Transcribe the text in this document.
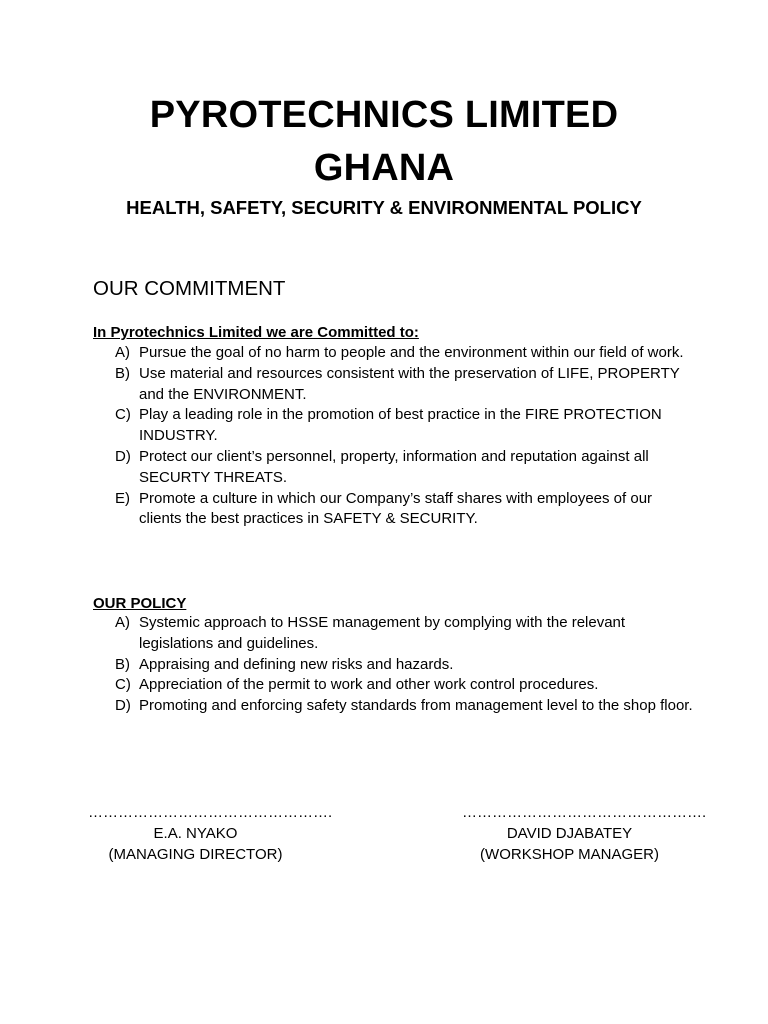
PYROTECHNICS LIMITED
GHANA
HEALTH, SAFETY, SECURITY & ENVIRONMENTAL POLICY
OUR COMMITMENT
In Pyrotechnics Limited we are Committed to:
A) Pursue the goal of no harm to people and the environment within our field of work.
B) Use material and resources consistent with the preservation of LIFE, PROPERTY and the ENVIRONMENT.
C) Play a leading role in the promotion of best practice in the FIRE PROTECTION INDUSTRY.
D) Protect our client’s personnel, property, information and reputation against all SECURTY THREATS.
E) Promote a culture in which our Company’s staff shares with employees of our clients the best practices in SAFETY & SECURITY.
OUR POLICY
A) Systemic approach to HSSE management by complying with the relevant legislations and guidelines.
B) Appraising and defining new risks and hazards.
C) Appreciation of the permit to work and other work control procedures.
D) Promoting and enforcing safety standards from management level to the shop floor.
………………………………………….
E.A. NYAKO
(MANAGING DIRECTOR)
………………………………………….
DAVID DJABATEY
(WORKSHOP MANAGER)
